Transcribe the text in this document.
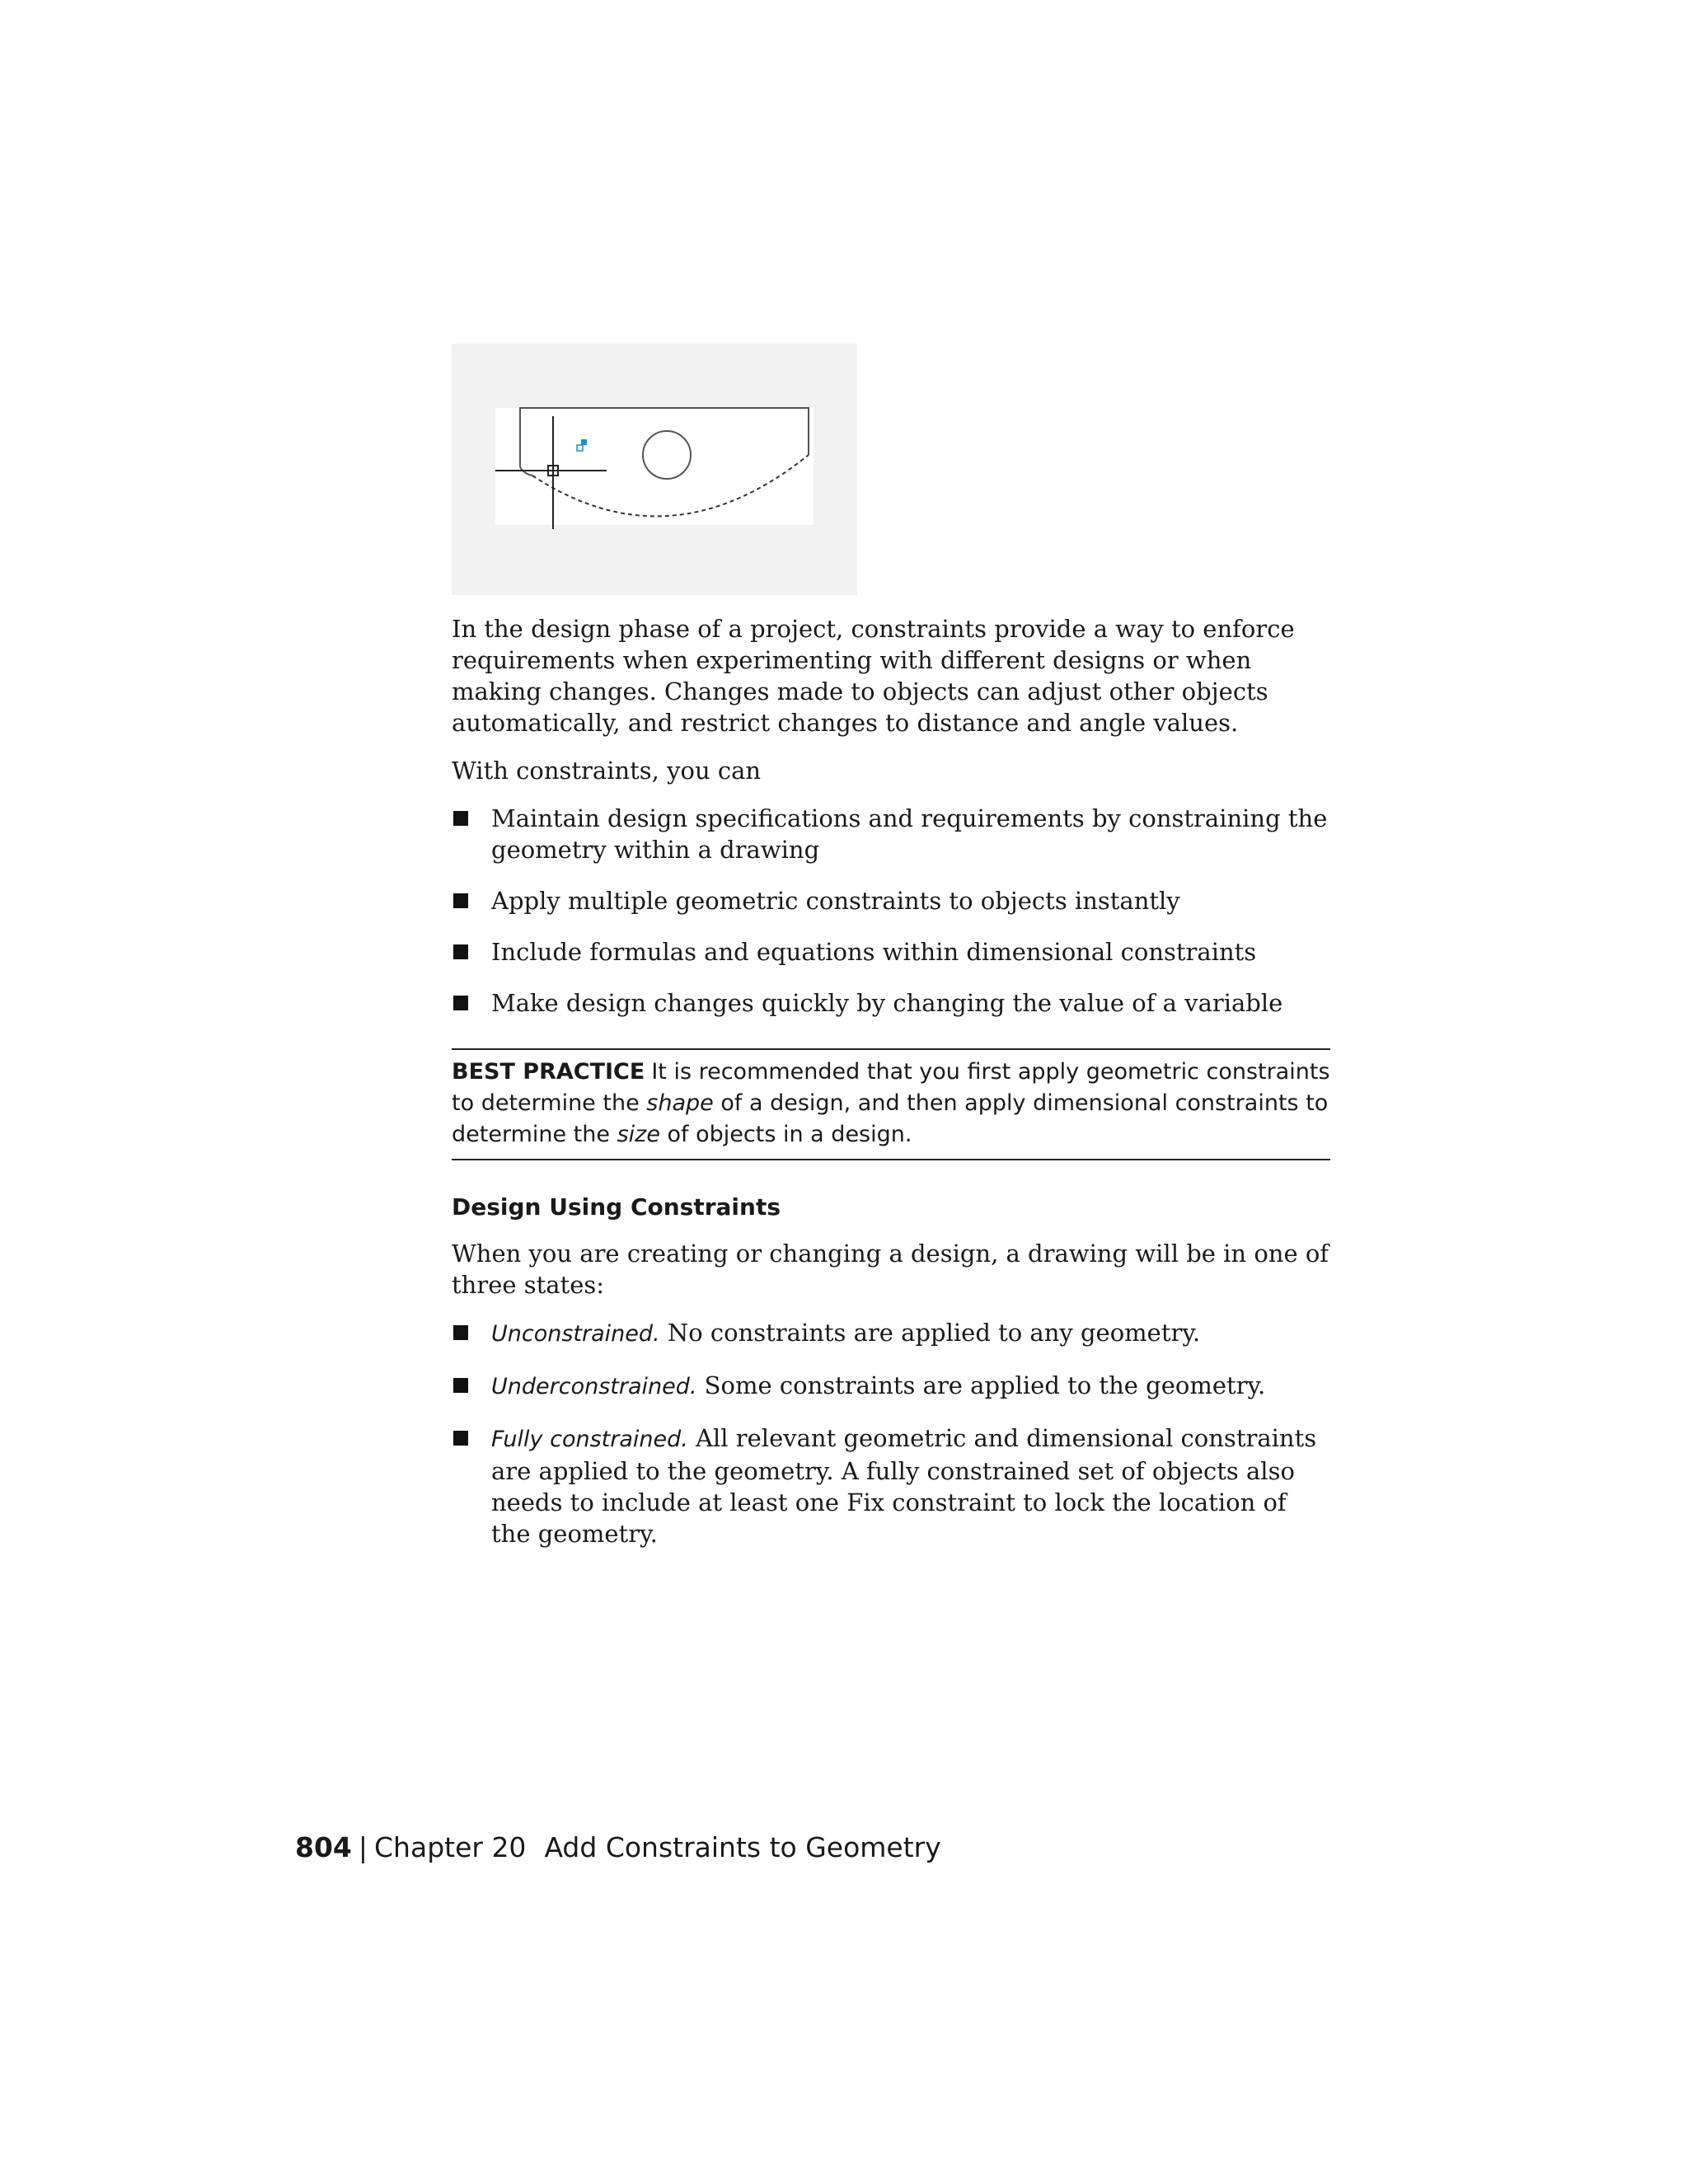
In the design phase of a project, constraints provide a way to enforce requirements when experimenting with different designs or when making changes. Changes made to objects can adjust other objects automatically, and restrict changes to distance and angle values.

With constraints, you can

Maintain design specifications and requirements by constraining the geometry within a drawing
Apply multiple geometric constraints to objects instantly
Include formulas and equations within dimensional constraints
Make design changes quickly by changing the value of a variable
BEST PRACTICE It is recommended that you first apply geometric constraints to determine the shape of a design, and then apply dimensional constraints to determine the size of objects in a design.
Design Using Constraints

When you are creating or changing a design, a drawing will be in one of three states:

Unconstrained. No constraints are applied to any geometry.
Underconstrained. Some constraints are applied to the geometry.
Fully constrained. All relevant geometric and dimensional constraints are applied to the geometry. A fully constrained set of objects also needs to include at least one Fix constraint to lock the location of the geometry.
804 | Chapter 20 Add Constraints to Geometry
